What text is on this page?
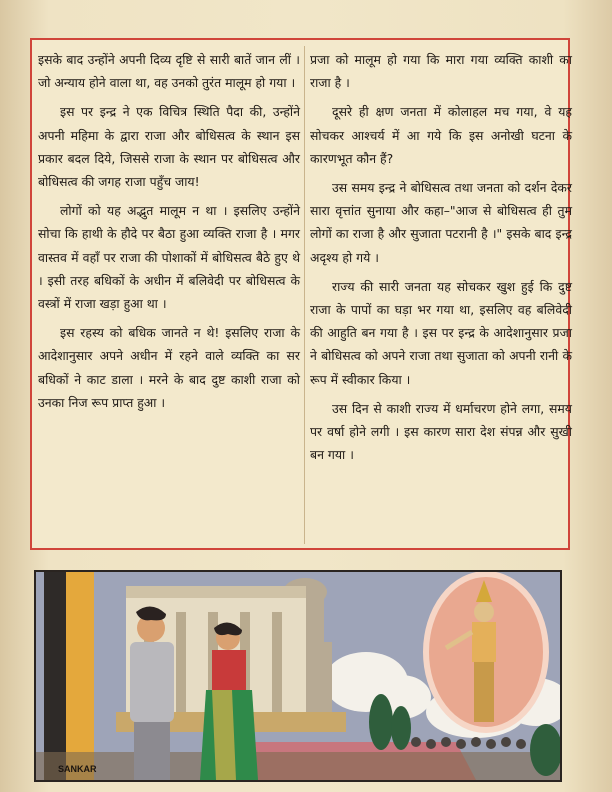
इसके बाद उन्होंने अपनी दिव्य दृष्टि से सारी बातें जान लीं । जो अन्याय होने वाला था, वह उनको तुरंत मालूम हो गया ।

इस पर इन्द्र ने एक विचित्र स्थिति पैदा की, उन्होंने अपनी महिमा के द्वारा राजा और बोधिसत्व के स्थान इस प्रकार बदल दिये, जिससे राजा के स्थान पर बोधिसत्व और बोधिसत्व की जगह राजा पहुँच जाय!

लोगों को यह अद्भुत मालूम न था । इसलिए उन्होंने सोचा कि हाथी के हौदे पर बैठा हुआ व्यक्ति राजा है । मगर वास्तव में वहाँ पर राजा की पोशाकों में बोधिसत्व बैठे हुए थे । इसी तरह बधिकों के अधीन में बलिवेदी पर बोधिसत्व के वस्त्रों में राजा खड़ा हुआ था ।

इस रहस्य को बधिक जानते न थे! इसलिए राजा के आदेशानुसार अपने अधीन में रहने वाले व्यक्ति का सर बधिकों ने काट डाला । मरने के बाद दुष्ट काशी राजा को उनका निज रूप प्राप्त हुआ ।

प्रजा को मालूम हो गया कि मारा गया व्यक्ति काशी का राजा है ।

दूसरे ही क्षण जनता में कोलाहल मच गया, वे यह सोचकर आश्चर्य में आ गये कि इस अनोखी घटना के कारणभूत कौन हैं?

उस समय इन्द्र ने बोधिसत्व तथा जनता को दर्शन देकर सारा वृत्तांत सुनाया और कहा–"आज से बोधिसत्व ही तुम लोगों का राजा है और सुजाता पटरानी है ।" इसके बाद इन्द्र अदृश्य हो गये ।

राज्य की सारी जनता यह सोचकर खुश हुई कि दुष्ट राजा के पापों का घड़ा भर गया था, इसलिए वह बलिवेदी की आहुति बन गया है । इस पर इन्द्र के आदेशानुसार प्रजा ने बोधिसत्व को अपने राजा तथा सुजाता को अपनी रानी के रूप में स्वीकार किया ।

उस दिन से काशी राज्य में धर्माचरण होने लगा, समय पर वर्षा होने लगी । इस कारण सारा देश संपन्न और सुखी बन गया ।

SANKAR
